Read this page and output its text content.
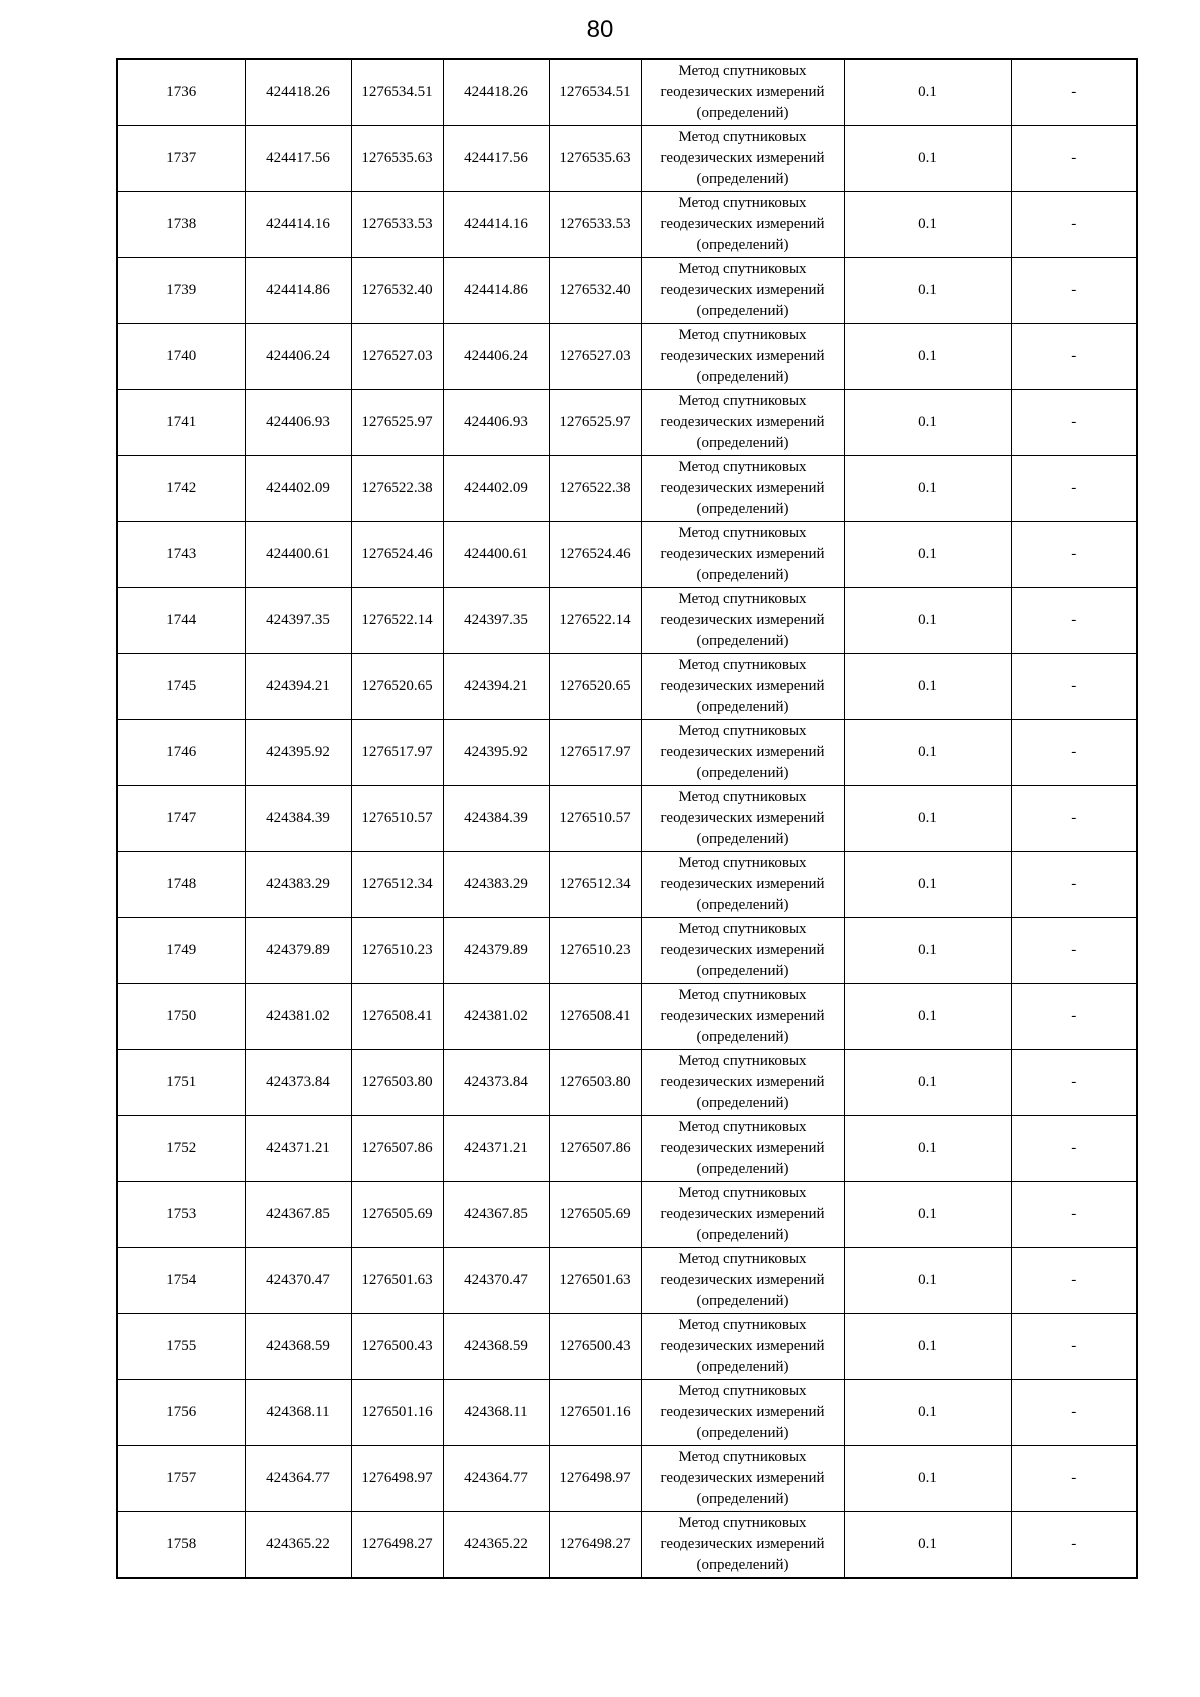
80
1736	424418.26	1276534.51	424418.26	1276534.51	Метод спутниковых геодезических измерений (определений)	0.1	-
1737	424417.56	1276535.63	424417.56	1276535.63	Метод спутниковых геодезических измерений (определений)	0.1	-
1738	424414.16	1276533.53	424414.16	1276533.53	Метод спутниковых геодезических измерений (определений)	0.1	-
1739	424414.86	1276532.40	424414.86	1276532.40	Метод спутниковых геодезических измерений (определений)	0.1	-
1740	424406.24	1276527.03	424406.24	1276527.03	Метод спутниковых геодезических измерений (определений)	0.1	-
1741	424406.93	1276525.97	424406.93	1276525.97	Метод спутниковых геодезических измерений (определений)	0.1	-
1742	424402.09	1276522.38	424402.09	1276522.38	Метод спутниковых геодезических измерений (определений)	0.1	-
1743	424400.61	1276524.46	424400.61	1276524.46	Метод спутниковых геодезических измерений (определений)	0.1	-
1744	424397.35	1276522.14	424397.35	1276522.14	Метод спутниковых геодезических измерений (определений)	0.1	-
1745	424394.21	1276520.65	424394.21	1276520.65	Метод спутниковых геодезических измерений (определений)	0.1	-
1746	424395.92	1276517.97	424395.92	1276517.97	Метод спутниковых геодезических измерений (определений)	0.1	-
1747	424384.39	1276510.57	424384.39	1276510.57	Метод спутниковых геодезических измерений (определений)	0.1	-
1748	424383.29	1276512.34	424383.29	1276512.34	Метод спутниковых геодезических измерений (определений)	0.1	-
1749	424379.89	1276510.23	424379.89	1276510.23	Метод спутниковых геодезических измерений (определений)	0.1	-
1750	424381.02	1276508.41	424381.02	1276508.41	Метод спутниковых геодезических измерений (определений)	0.1	-
1751	424373.84	1276503.80	424373.84	1276503.80	Метод спутниковых геодезических измерений (определений)	0.1	-
1752	424371.21	1276507.86	424371.21	1276507.86	Метод спутниковых геодезических измерений (определений)	0.1	-
1753	424367.85	1276505.69	424367.85	1276505.69	Метод спутниковых геодезических измерений (определений)	0.1	-
1754	424370.47	1276501.63	424370.47	1276501.63	Метод спутниковых геодезических измерений (определений)	0.1	-
1755	424368.59	1276500.43	424368.59	1276500.43	Метод спутниковых геодезических измерений (определений)	0.1	-
1756	424368.11	1276501.16	424368.11	1276501.16	Метод спутниковых геодезических измерений (определений)	0.1	-
1757	424364.77	1276498.97	424364.77	1276498.97	Метод спутниковых геодезических измерений (определений)	0.1	-
1758	424365.22	1276498.27	424365.22	1276498.27	Метод спутниковых геодезических измерений (определений)	0.1	-
